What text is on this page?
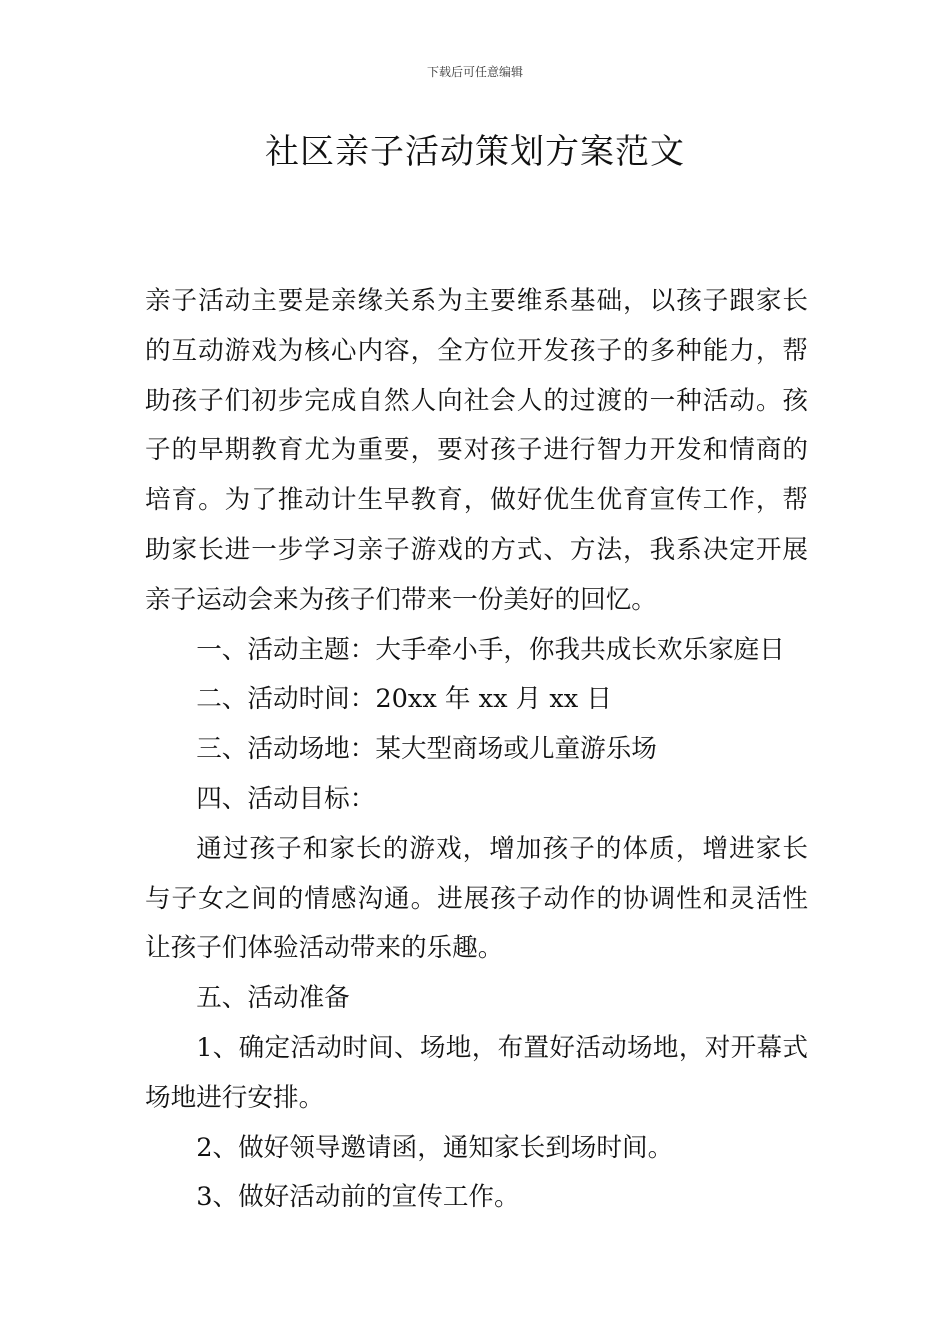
下载后可任意编辑
社区亲子活动策划方案范文

亲子活动主要是亲缘关系为主要维系基础，以孩子跟家长的互动游戏为核心内容，全方位开发孩子的多种能力，帮助孩子们初步完成自然人向社会人的过渡的一种活动。孩子的早期教育尤为重要，要对孩子进行智力开发和情商的培育。为了推动计生早教育，做好优生优育宣传工作，帮助家长进一步学习亲子游戏的方式、方法，我系决定开展亲子运动会来为孩子们带来一份美好的回忆。

一、活动主题：大手牵小手，你我共成长欢乐家庭日

二、活动时间：20xx 年 xx 月 xx 日

三、活动场地：某大型商场或儿童游乐场

四、活动目标：

通过孩子和家长的游戏，增加孩子的体质，增进家长与子女之间的情感沟通。进展孩子动作的协调性和灵活性让孩子们体验活动带来的乐趣。

五、活动准备

1、确定活动时间、场地，布置好活动场地，对开幕式场地进行安排。

2、做好领导邀请函，通知家长到场时间。

3、做好活动前的宣传工作。
